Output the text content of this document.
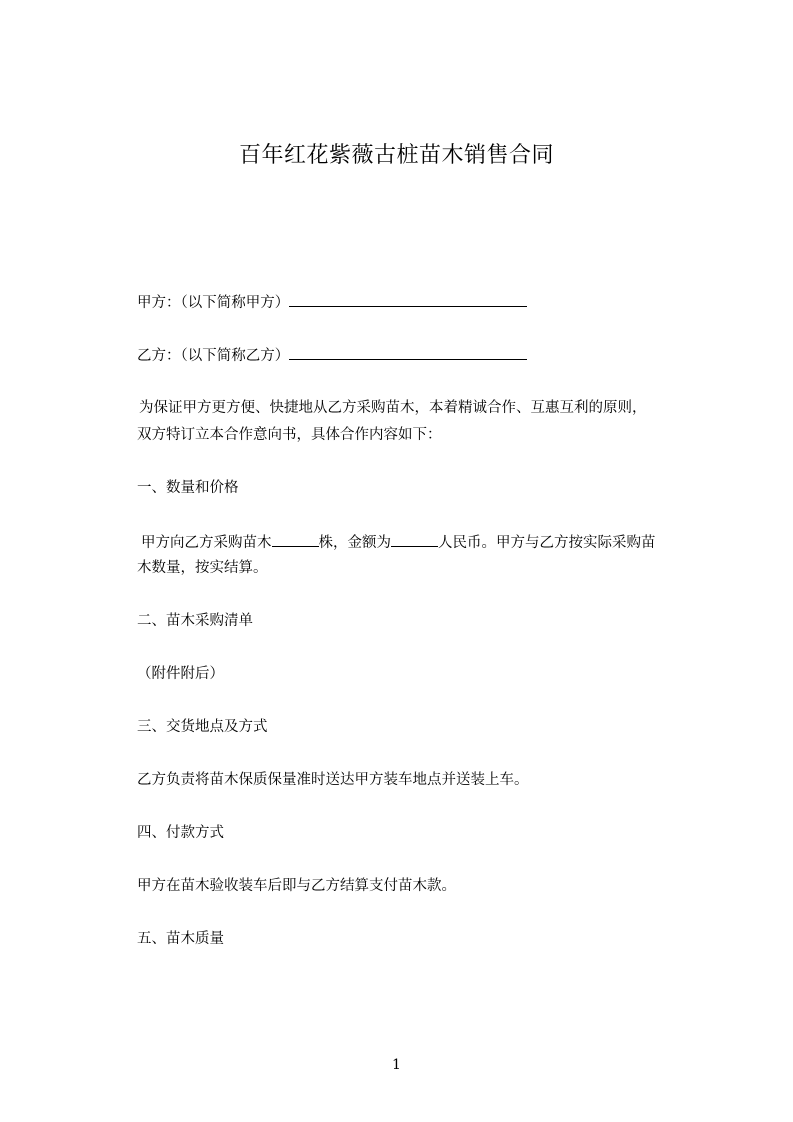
百年红花紫薇古桩苗木销售合同
甲方：（以下简称甲方）
乙方：（以下简称乙方）
为保证甲方更方便、快捷地从乙方采购苗木，本着精诚合作、互惠互利的原则，
双方特订立本合作意向书，具体合作内容如下：
一、数量和价格
甲方向乙方采购苗木	株，金额为	人民币。甲方与乙方按实际采购苗
木数量，按实结算。
二、苗木采购清单
（附件附后）
三、交货地点及方式
乙方负责将苗木保质保量准时送达甲方装车地点并送装上车。
四、付款方式
甲方在苗木验收装车后即与乙方结算支付苗木款。
五、苗木质量
1
